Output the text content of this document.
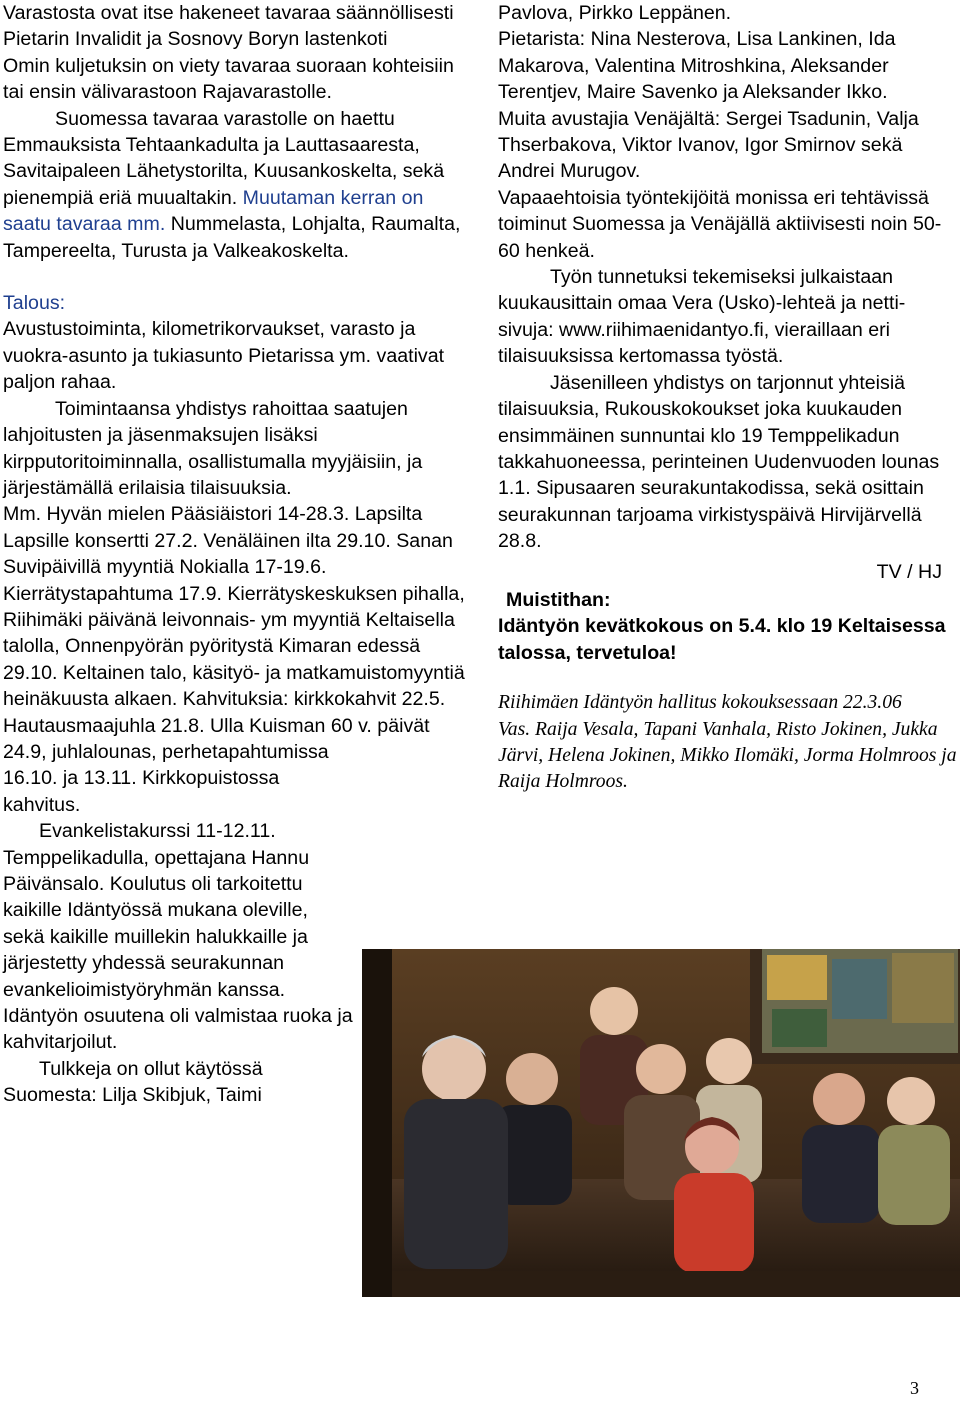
Varastosta ovat itse hakeneet tavaraa säännöllisesti Pietarin Invalidit ja Sosnovy Boryn lastenkoti

Omin kuljetuksin on viety tavaraa suoraan kohteisiin tai ensin välivarastoon Rajavarastolle.

Suomessa tavaraa varastolle on haettu Emmauksista Tehtaankadulta ja Lauttasaaresta, Savitaipaleen Lähetystorilta, Kuusankoskelta, sekä pienempiä eriä muualtakin. Muutaman kerran on saatu tavaraa mm. Nummelasta, Lohjalta, Raumalta, Tampereelta, Turusta ja Valkeakoskelta.

Talous:

Avustustoiminta, kilometrikorvaukset, varasto ja vuokra-asunto ja tukiasunto Pietarissa ym. vaativat paljon rahaa.

Toimintaansa yhdistys rahoittaa saatujen lahjoitusten ja jäsenmaksujen lisäksi kirpputoritoiminnalla, osallistumalla myyjäisiin, ja järjestämällä erilaisia tilaisuuksia.

Mm. Hyvän mielen Pääsiäistori 14-28.3. Lapsilta Lapsille konsertti 27.2. Venäläinen ilta 29.10. Sanan Suvipäivillä myyntiä Nokialla 17-19.6. Kierrätystapahtuma 17.9. Kierrätyskeskuksen pihalla, Riihimäki päivänä leivonnais- ym myyntiä Keltaisella talolla, Onnenpyörän pyöritystä Kimaran edessä 29.10. Keltainen talo, käsityö- ja matkamuistomyyntiä heinäkuusta alkaen. Kahvituksia: kirkkokahvit 22.5. Hautausmaajuhla 21.8. Ulla Kuisman 60 v. päivät 24.9, juhlalounas, perhetapahtumissa

16.10. ja 13.11. Kirkkopuistossa kahvitus.

Evankelistakurssi 11-12.11. Temppelikadulla, opettajana Hannu Päivänsalo. Koulutus oli tarkoitettu kaikille Idäntyössä mukana oleville, sekä kaikille muillekin halukkaille ja järjestetty yhdessä seurakunnan evankelioimistyöryhmän kanssa. Idäntyön osuutena oli valmistaa ruoka ja kahvitarjoilut.

Tulkkeja on ollut käytössä Suomesta: Lilja Skibjuk, Taimi

Pavlova, Pirkko Leppänen.

Pietarista: Nina Nesterova, Lisa Lankinen, Ida Makarova, Valentina Mitroshkina, Aleksander Terentjev, Maire Savenko ja Aleksander Ikko.

Muita avustajia Venäjältä: Sergei Tsadunin, Valja Thserbakova, Viktor Ivanov, Igor Smirnov sekä Andrei Murugov.

Vapaaehtoisia työntekijöitä monissa eri tehtävissä toiminut Suomessa ja Venäjällä aktiivisesti noin 50-60 henkeä.

Työn tunnetuksi tekemiseksi julkaistaan kuukausittain omaa Vera (Usko)-lehteä ja netti-sivuja: www.riihimaenidantyo.fi, vieraillaan eri tilaisuuksissa kertomassa työstä.

Jäsenilleen yhdistys on tarjonnut yhteisiä tilaisuuksia, Rukouskokoukset joka kuukauden ensimmäinen sunnuntai klo 19 Temppelikadun takkahuoneessa, perinteinen Uudenvuoden lounas 1.1. Sipusaaren seurakuntakodissa, sekä osittain seurakunnan tarjoama virkistyspäivä Hirvijärvellä 28.8.

TV / HJ

Muistithan:

Idäntyön kevätkokous on 5.4. klo 19 Keltaisessa talossa, tervetuloa!

Riihimäen Idäntyön hallitus kokouksessaan 22.3.06

Vas. Raija Vesala, Tapani Vanhala, Risto Jokinen, Jukka Järvi, Helena Jokinen, Mikko Ilomäki, Jorma Holmroos ja Raija Holmroos.

3
